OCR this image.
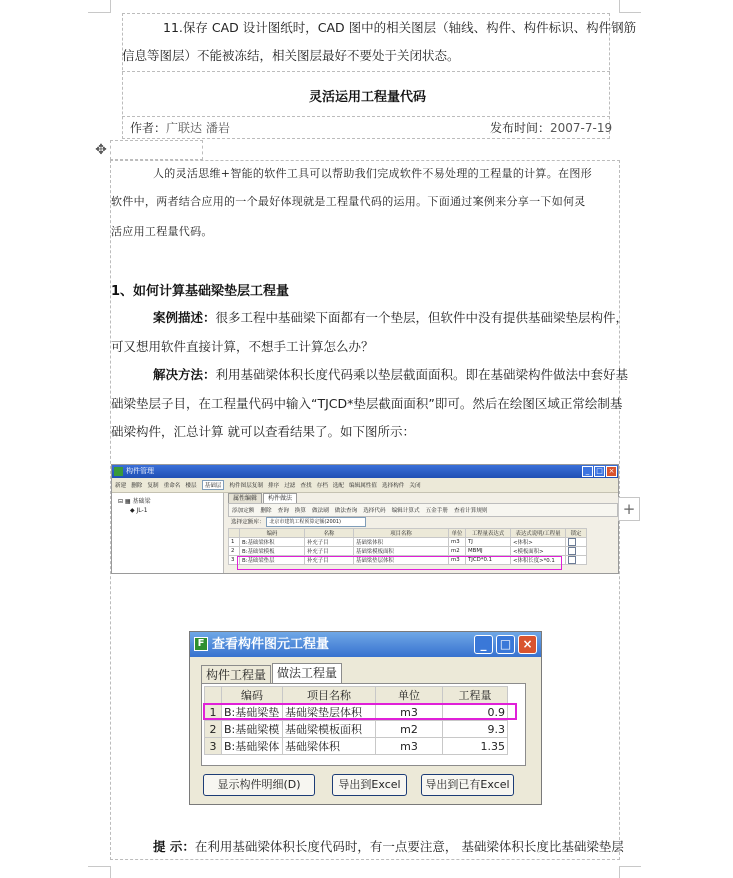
11.保存 CAD 设计图纸时，CAD 图中的相关图层（轴线、构件、构件标识、构件钢筋
信息等图层）不能被冻结，相关图层最好不要处于关闭状态。
灵活运用工程量代码
作者：广联达 潘岩	发布时间：2007-7-19
✥
人的灵活思维+智能的软件工具可以帮助我们完成软件不易处理的工程量的计算。在图形
软件中，两者结合应用的一个最好体现就是工程量代码的运用。下面通过案例来分享一下如何灵
活应用工程量代码。
1、如何计算基础梁垫层工程量
案例描述：很多工程中基础梁下面都有一个垫层，但软件中没有提供基础梁垫层构件，
可又想用软件直接计算，不想手工计算怎么办？
解决方法：利用基础梁体积长度代码乘以垫层截面面积。即在基础梁构件做法中套好基
础梁垫层子目，在工程量代码中输入“TJCD*垫层截面面积”即可。然后在绘图区域正常绘制基
础梁构件，汇总计算 就可以查看结果了。如下图所示：
构件管理	_ □ ×
新建 删除 复制 重命名 楼层	基础层	构件图层复制 排序 过滤 查找 存档 选配 编辑属性值 选择构件 关闭
⊟ ▦ 基础梁
◆ JL-1
属性编辑	构件做法
添加定额 删除 查询 换算 做法刷 做法查询 选择代码 编辑计算式 五金手册 查看计算规则
选择定额库： 北京市建筑工程预算定额(2001)
	编码	名称	项目名称	单位	工程量表达式	表达式说明/工程量	锁定
1	B:基础梁体积	补充子目	基础梁体积	m3	TJ	<体积>	
2	B:基础梁模板	补充子目	基础梁模板面积	m2	MBMJ	<模板面积>	
3	B:基础梁垫层	补充子目	基础梁垫层体积	m3	TJCD*0.1	<体积长度>*0.1	
+
F 查看构件图元工程量	_	□ ×
构件工程量 做法工程量
	编码	项目名称	单位	工程量
1	B:基础梁垫	基础梁垫层体积	m3	0.9
2	B:基础梁模	基础梁模板面积	m2	9.3
3	B:基础梁体	基础梁体积	m3	1.35
显示构件明细(D)	导出到Excel	导出到已有Excel
提 示：在利用基础梁体积长度代码时，有一点要注意， 基础梁体积长度比基础梁垫层
